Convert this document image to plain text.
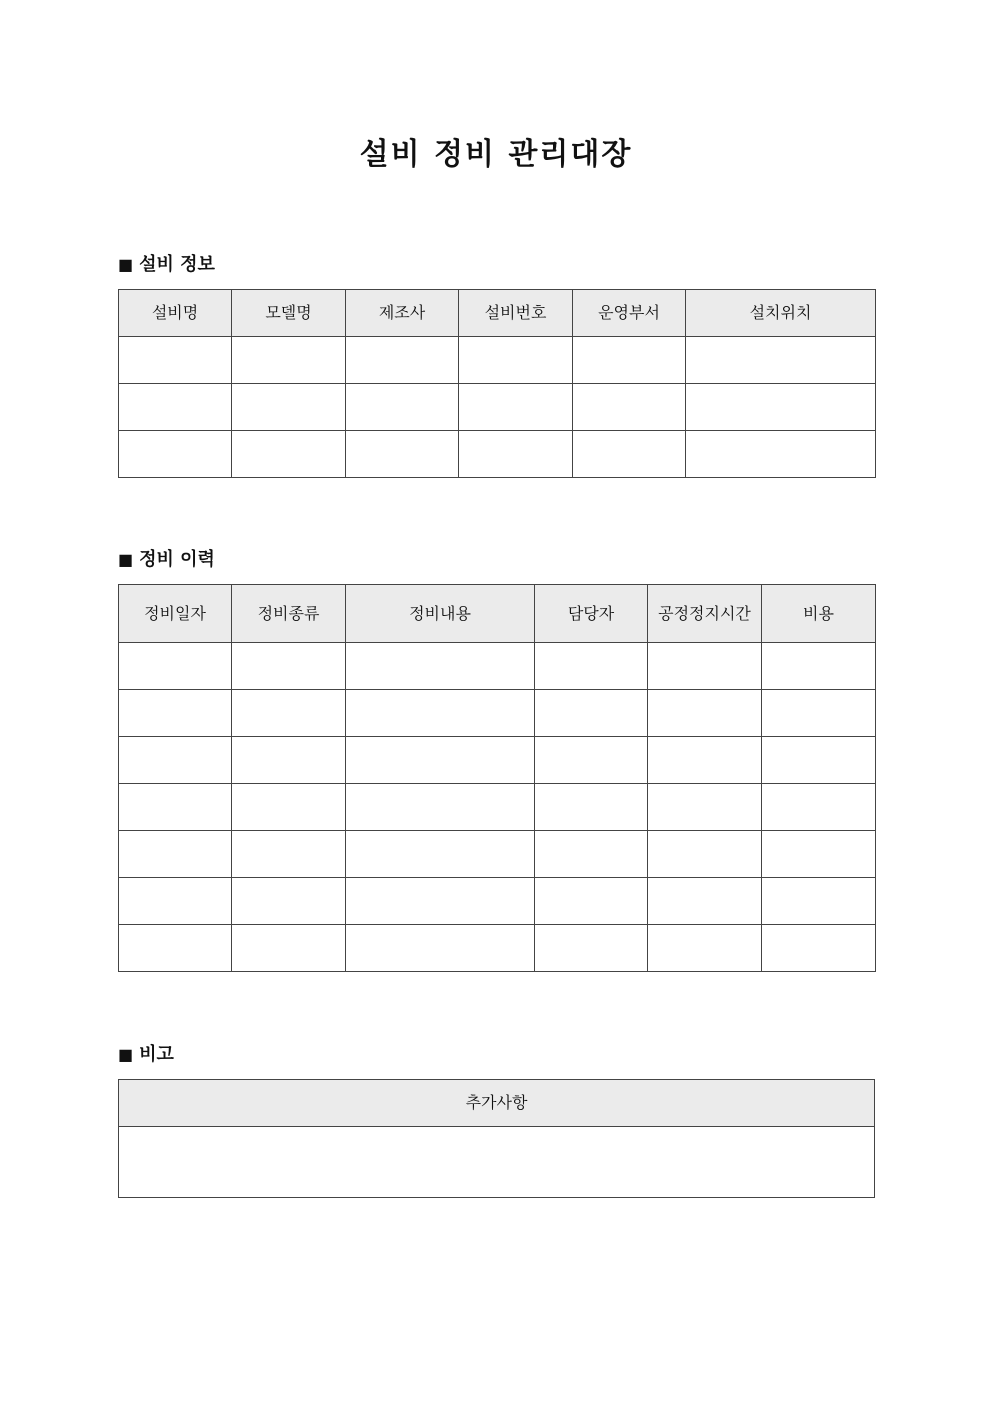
설비 정비 관리대장
■ 설비 정보
설비명	모델명	제조사	설비번호	운영부서	설치위치

■ 정비 이력
정비일자	정비종류	정비내용	담당자	공정정지시간	비용

■ 비고
추가사항
